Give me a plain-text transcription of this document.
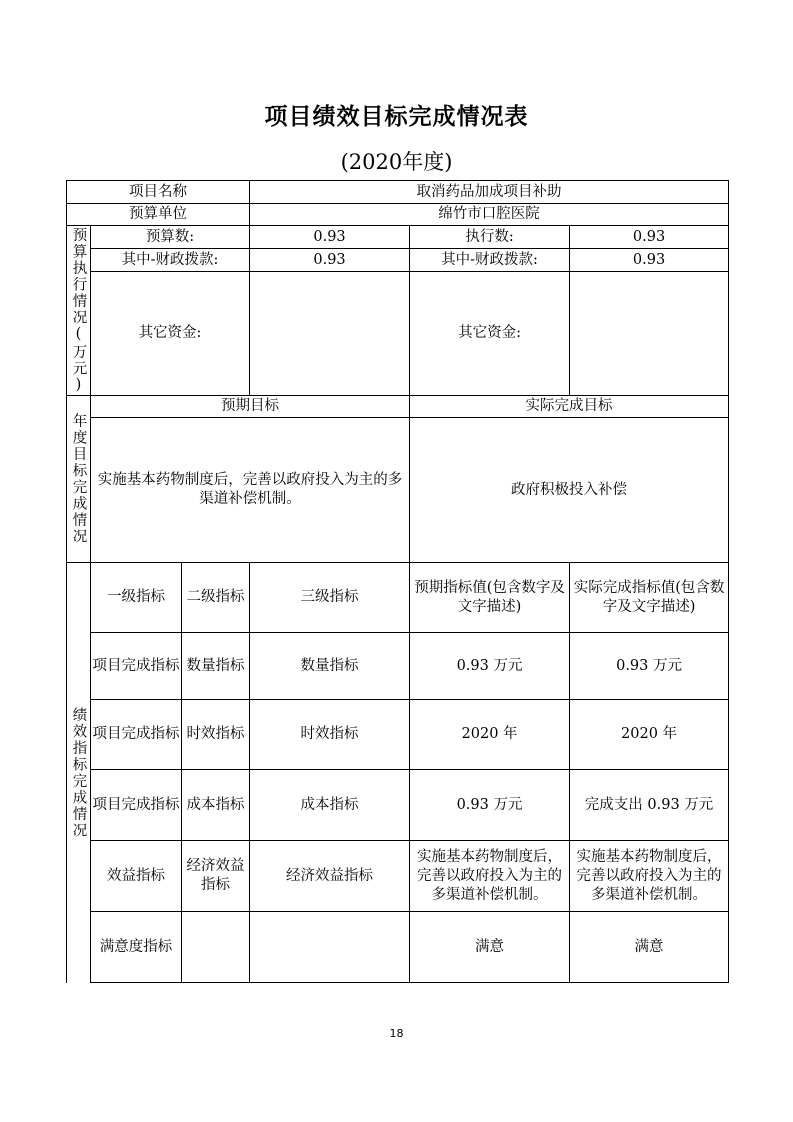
项目绩效目标完成情况表
(2020年度)
项目名称			取消药品加成项目补助		
预算单位			绵竹市口腔医院		

预算执行情况(万元)	预算数:		0.93	执行数:	0.93
	其中-财政拨款:		0.93	其中-财政拨款:	0.93
	其它资金:			其它资金:	

年度目标完成情况	预期目标			实际完成目标	

	实施基本药物制度后，完善以政府投入为主的多渠道补偿机制。			政府积极投入补偿	

绩效指标完成情况	一级指标	二级指标	三级指标	预期指标值(包含数字及文字描述)	实际完成指标值(包含数字及文字描述)

	项目完成指标	数量指标	数量指标	0.93 万元	0.93 万元
	项目完成指标	时效指标	时效指标	2020 年	2020 年
	项目完成指标	成本指标	成本指标	0.93 万元	完成支出 0.93 万元
	效益指标	经济效益指标	经济效益指标	实施基本药物制度后，完善以政府投入为主的多渠道补偿机制。	实施基本药物制度后，完善以政府投入为主的多渠道补偿机制。

	满意度指标			满意	满意
18
